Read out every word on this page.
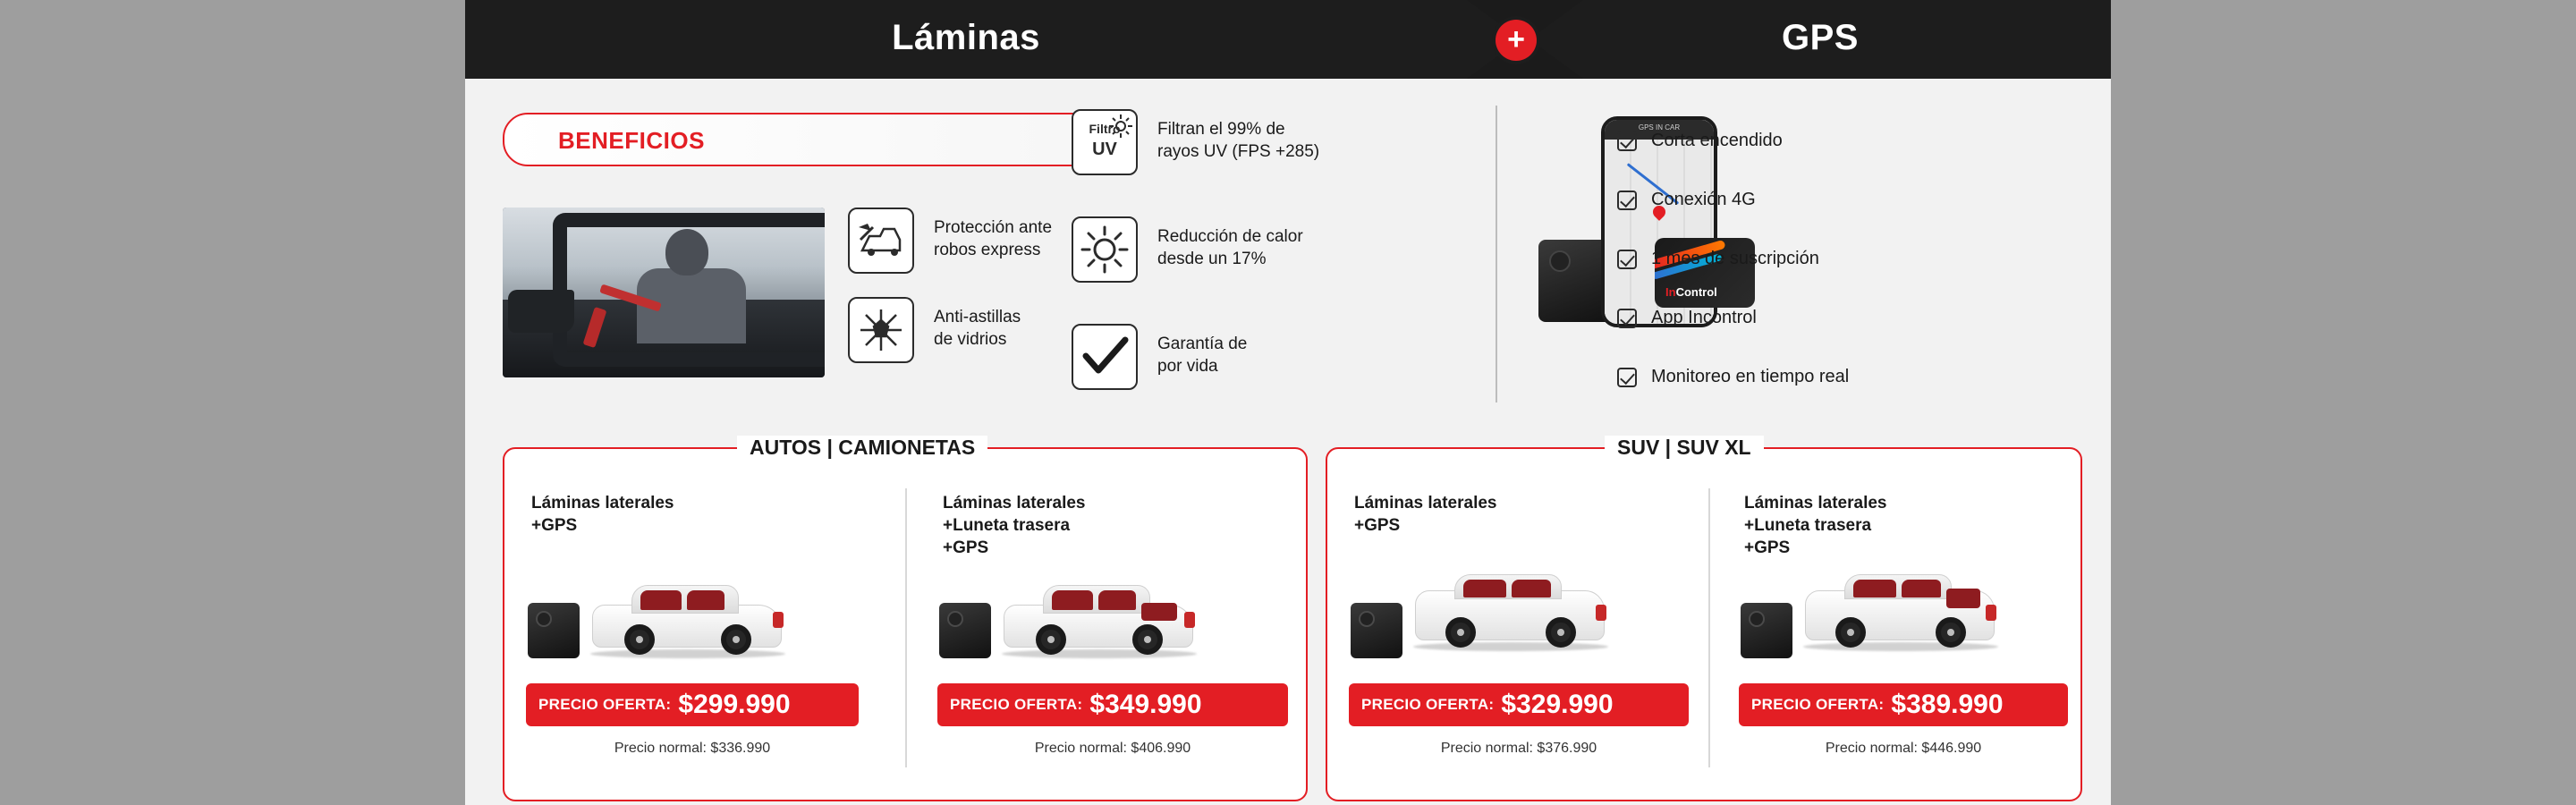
Láminas	+	GPS
BENEFICIOS
Protección ante
robos express
Anti-astillas
de vidrios
Filtro
UV
Filtran el 99% de
rayos UV (FPS +285)
Reducción de calor
desde un 17%
Garantía de
por vida
GPS IN CAR
InControl
Corta encendido
Conexión 4G
1 mes de suscripción
App Incontrol
Monitoreo en tiempo real
AUTOS | CAMIONETAS
Láminas laterales
+GPS
PRECIO OFERTA: $299.990
Precio normal: $336.990
Láminas laterales
+Luneta trasera
+GPS
PRECIO OFERTA: $349.990
Precio normal: $406.990
SUV | SUV XL
Láminas laterales
+GPS
PRECIO OFERTA: $329.990
Precio normal: $376.990
Láminas laterales
+Luneta trasera
+GPS
PRECIO OFERTA: $389.990
Precio normal: $446.990
